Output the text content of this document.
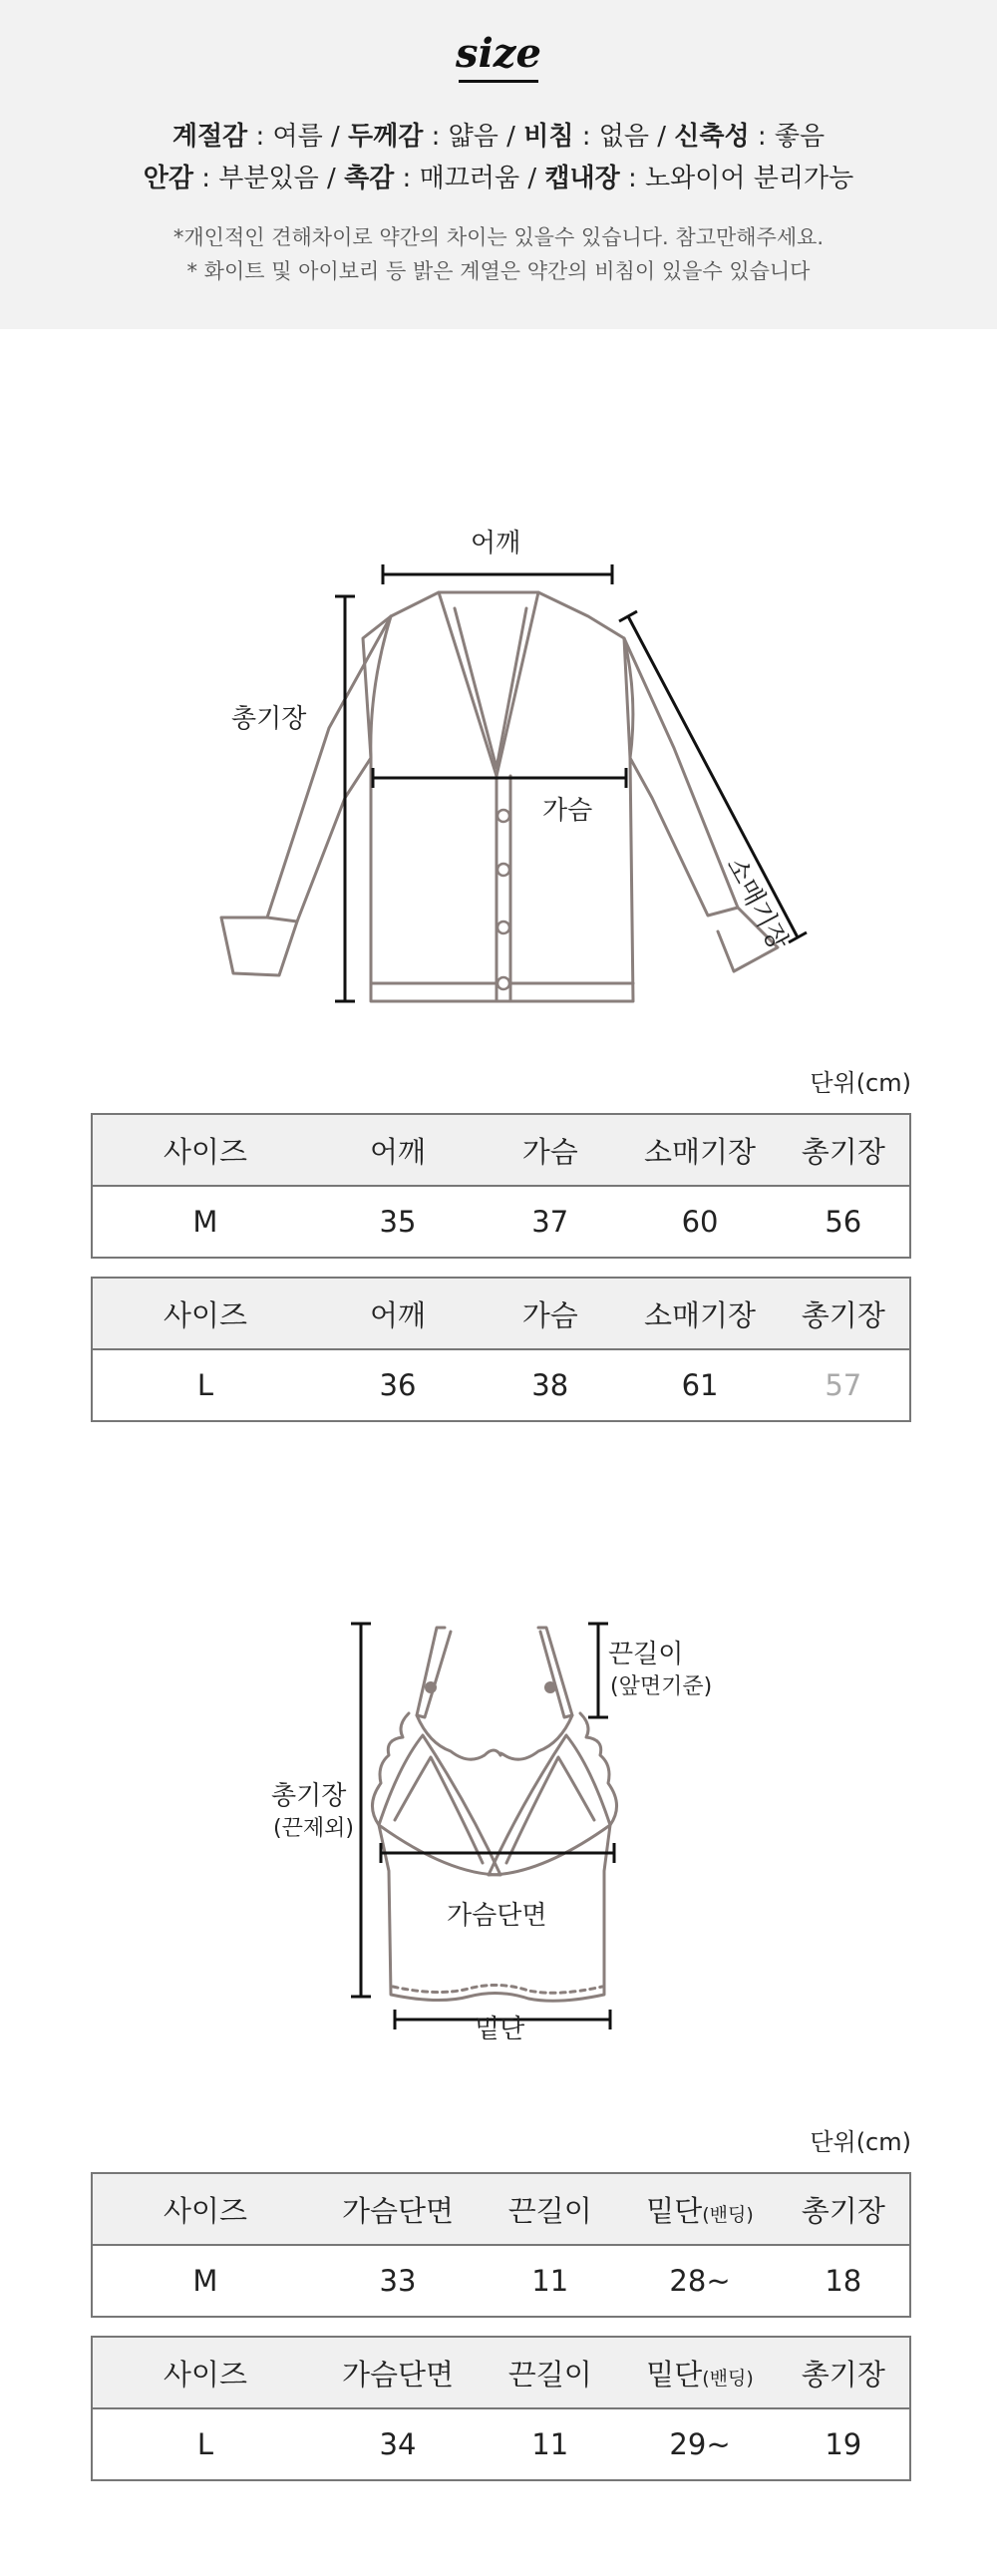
size
계절감 : 여름 / 두께감 : 얇음 / 비침 : 없음 / 신축성 : 좋음
안감 : 부분있음 / 촉감 : 매끄러움 / 캡내장 : 노와이어 분리가능
*개인적인 견해차이로 약간의 차이는 있을수 있습니다. 참고만해주세요.
* 화이트 및 아이보리 등 밝은 계열은 약간의 비침이 있을수 있습니다
어깨
총기장
가슴
소매기장
단위(cm)
사이즈	어깨	가슴	소매기장	총기장
M	35	37	60	56
사이즈	어깨	가슴	소매기장	총기장
L	36	38	61	57
끈길이
(앞면기준)
총기장
(끈제외)
가슴단면
밑단
단위(cm)
사이즈	가슴단면	끈길이	밑단(밴딩)	총기장
M	33	11	28~	18
사이즈	가슴단면	끈길이	밑단(밴딩)	총기장
L	34	11	29~	19
